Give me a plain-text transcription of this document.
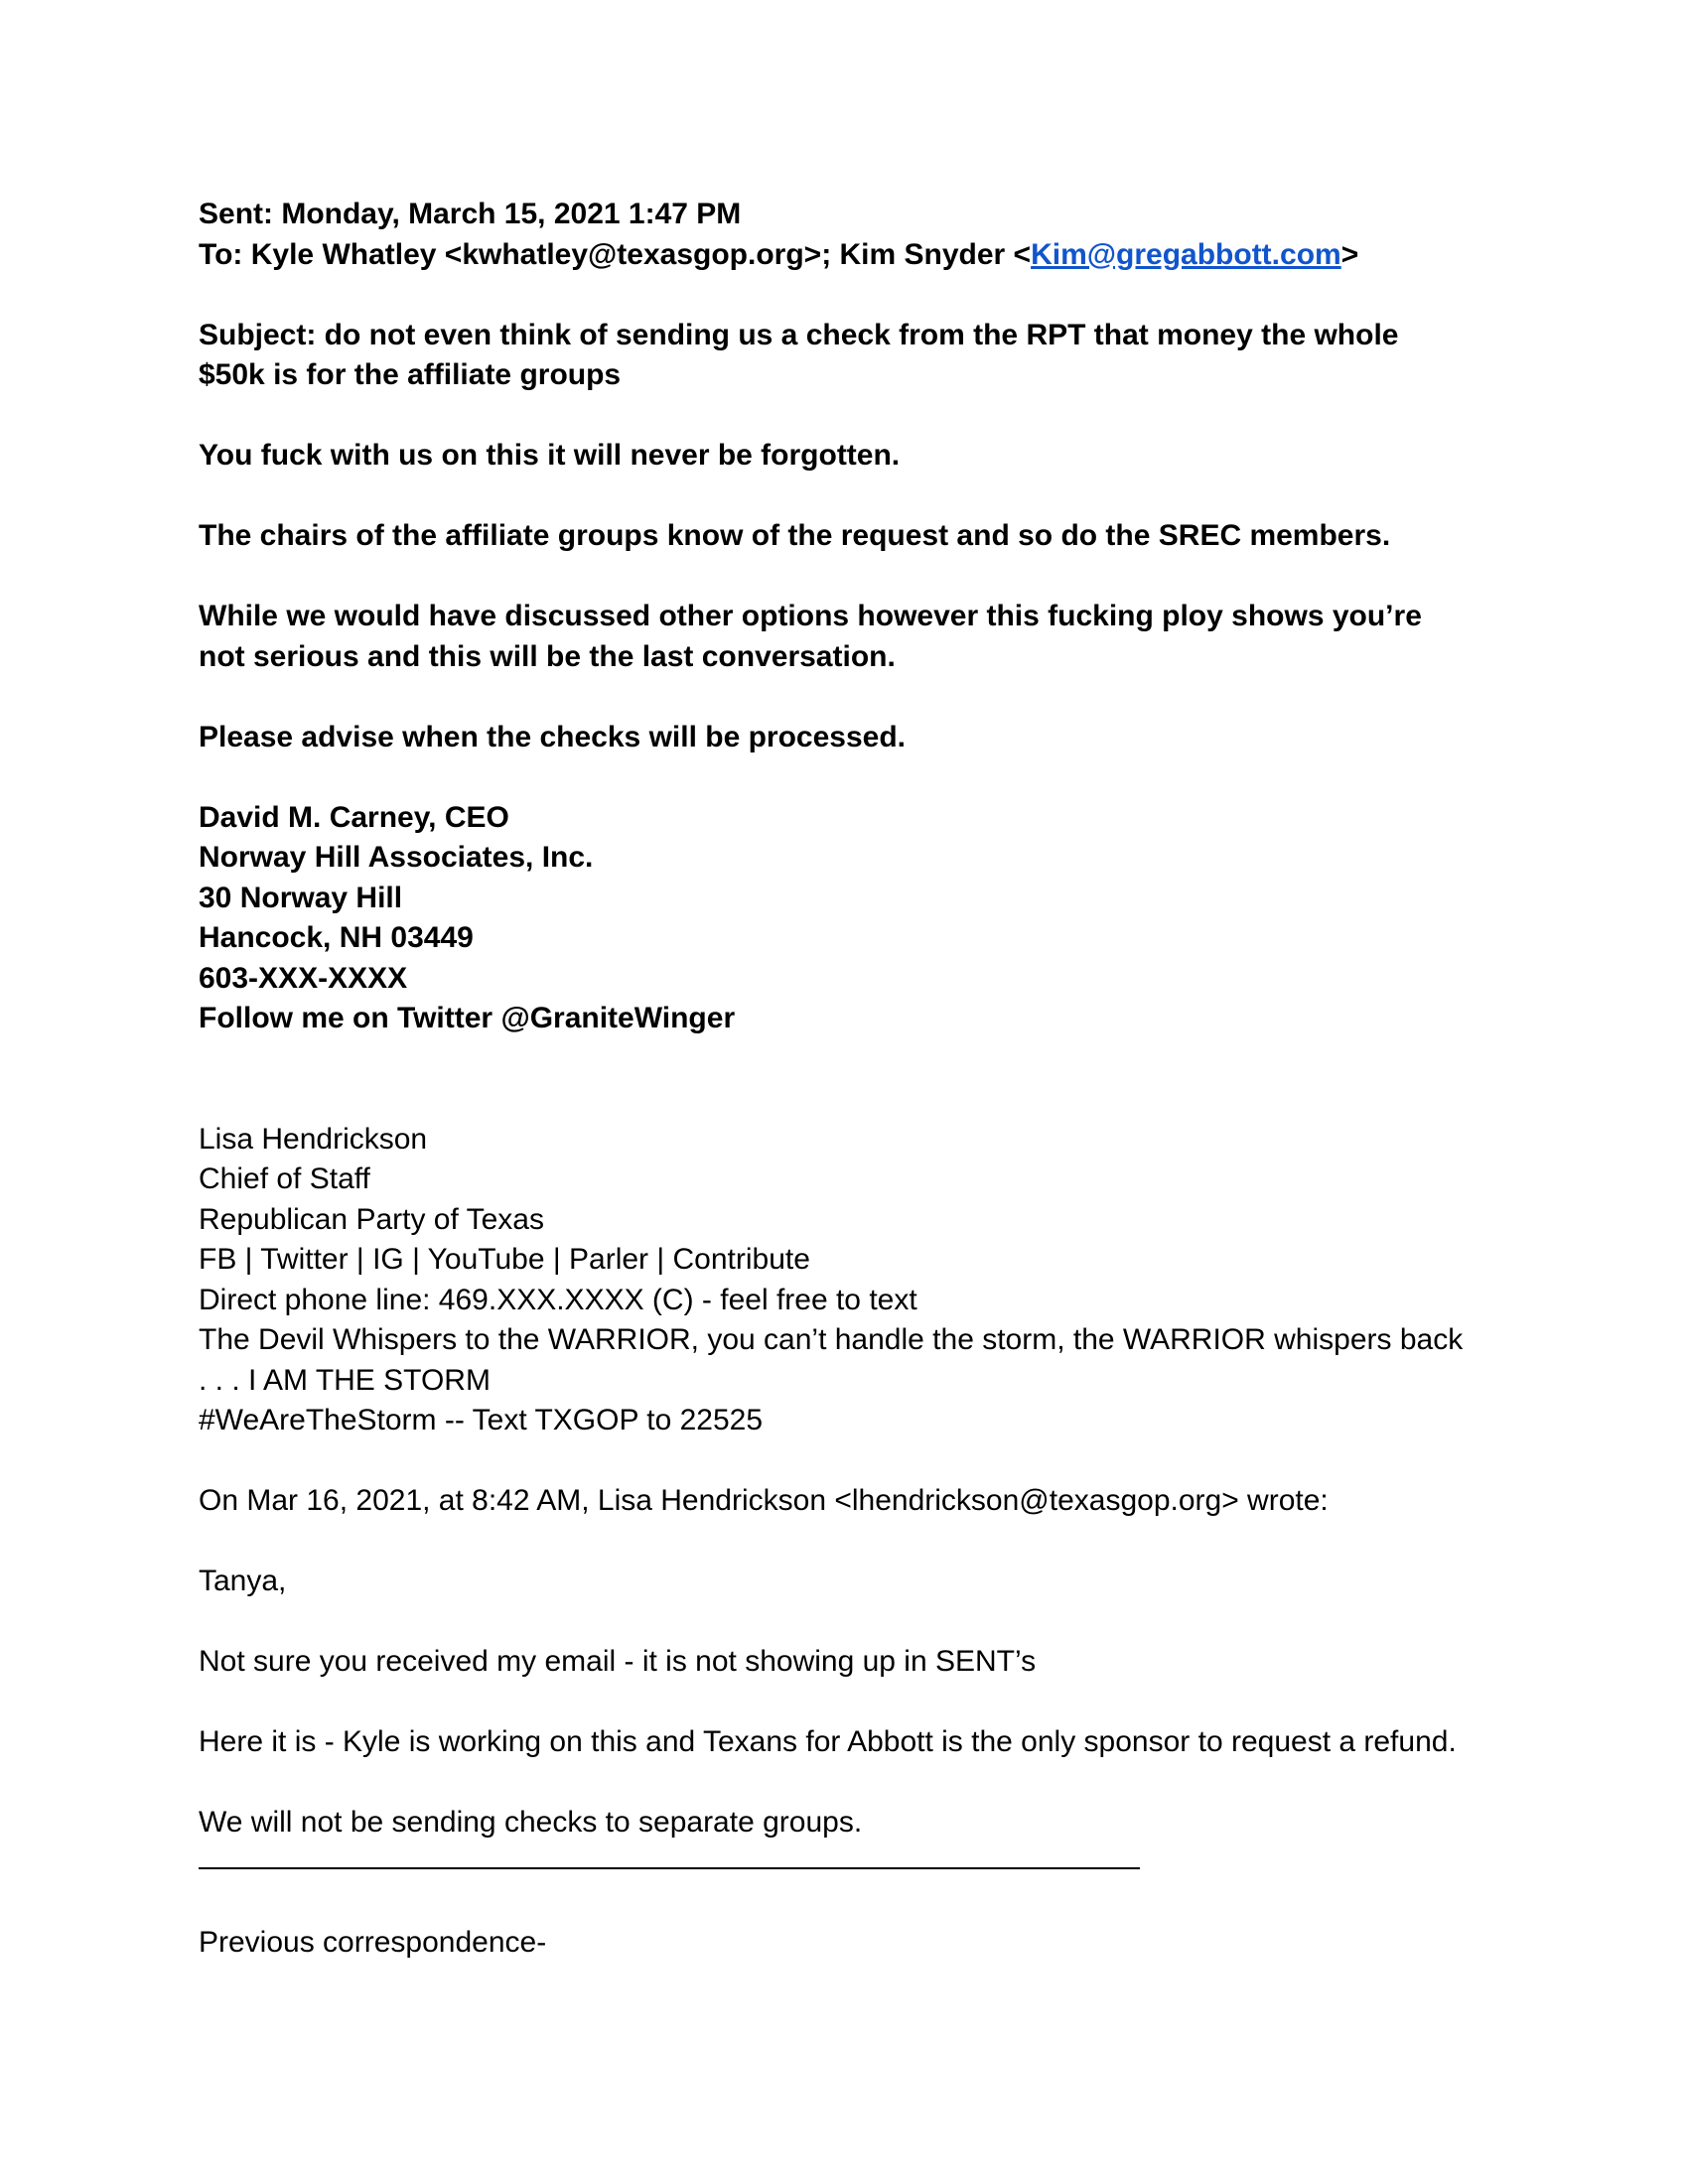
Sent: Monday, March 15, 2021 1:47 PM
To: Kyle Whatley <kwhatley@texasgop.org>; Kim Snyder <Kim@gregabbott.com>
Subject: do not even think of sending us a check from the RPT that money the whole
$50k is for the affiliate groups
You fuck with us on this it will never be forgotten.
The chairs of the affiliate groups know of the request and so do the SREC members.
While we would have discussed other options however this fucking ploy shows you’re
not serious and this will be the last conversation.
Please advise when the checks will be processed.
David M. Carney, CEO
Norway Hill Associates, Inc.
30 Norway Hill
Hancock, NH 03449
603-XXX-XXXX
Follow me on Twitter @GraniteWinger
Lisa Hendrickson
Chief of Staff
Republican Party of Texas
FB | Twitter | IG | YouTube | Parler | Contribute
Direct phone line: 469.XXX.XXXX (C) - feel free to text
The Devil Whispers to the WARRIOR, you can’t handle the storm, the WARRIOR whispers back
. . . I AM THE STORM
#WeAreTheStorm -- Text TXGOP to 22525
On Mar 16, 2021, at 8:42 AM, Lisa Hendrickson <lhendrickson@texasgop.org> wrote:
Tanya,
Not sure you received my email - it is not showing up in SENT’s
Here it is - Kyle is working on this and Texans for Abbott is the only sponsor to request a refund.
We will not be sending checks to separate groups.
Previous correspondence-
